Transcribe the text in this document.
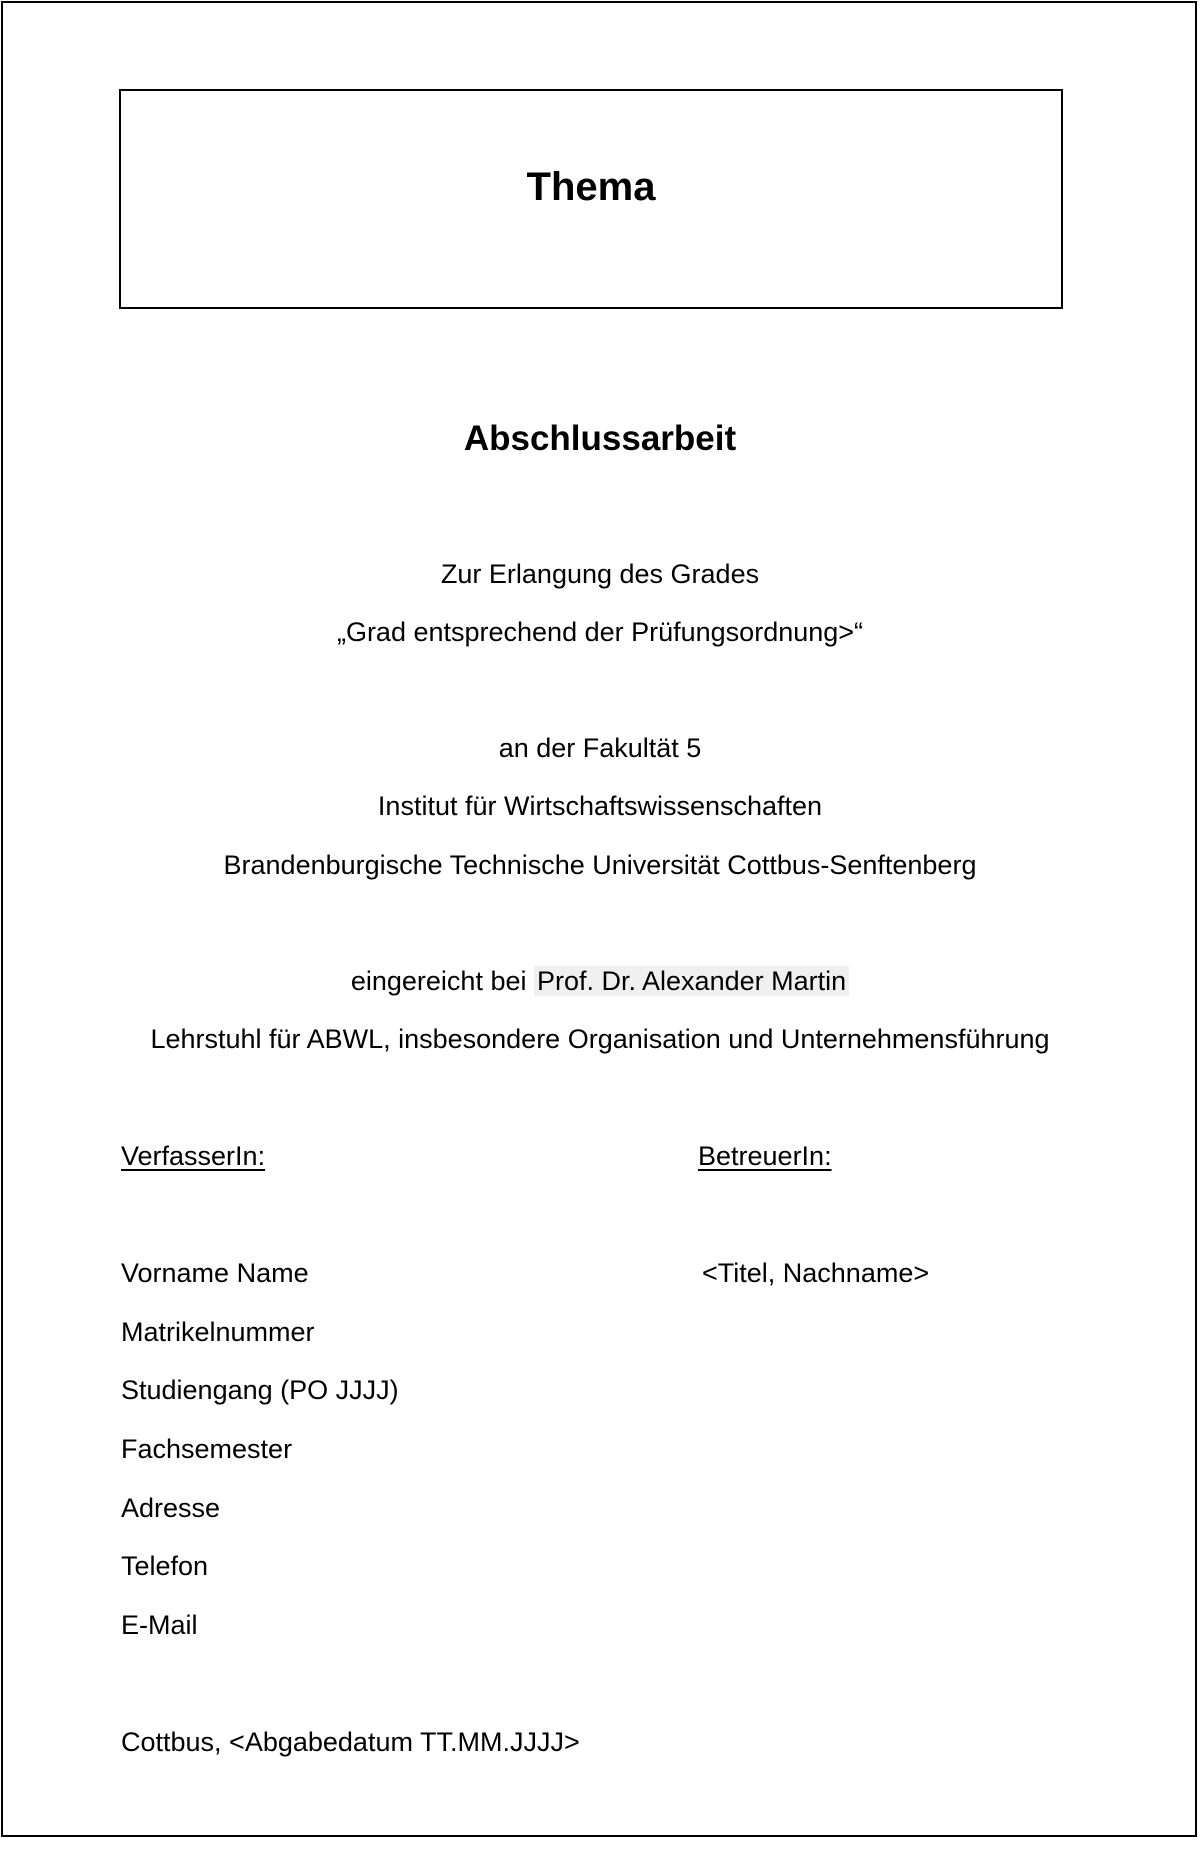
Thema
Abschlussarbeit
Zur Erlangung des Grades
„Grad entsprechend der Prüfungsordnung>“
an der Fakultät 5
Institut für Wirtschaftswissenschaften
Brandenburgische Technische Universität Cottbus-Senftenberg
eingereicht bei Prof. Dr. Alexander Martin
Lehrstuhl für ABWL, insbesondere Organisation und Unternehmensführung
VerfasserIn:	BetreuerIn:
Vorname Name	<Titel, Nachname>
Matrikelnummer
Studiengang (PO JJJJ)
Fachsemester
Adresse
Telefon
E-Mail
Cottbus, <Abgabedatum TT.MM.JJJJ>
